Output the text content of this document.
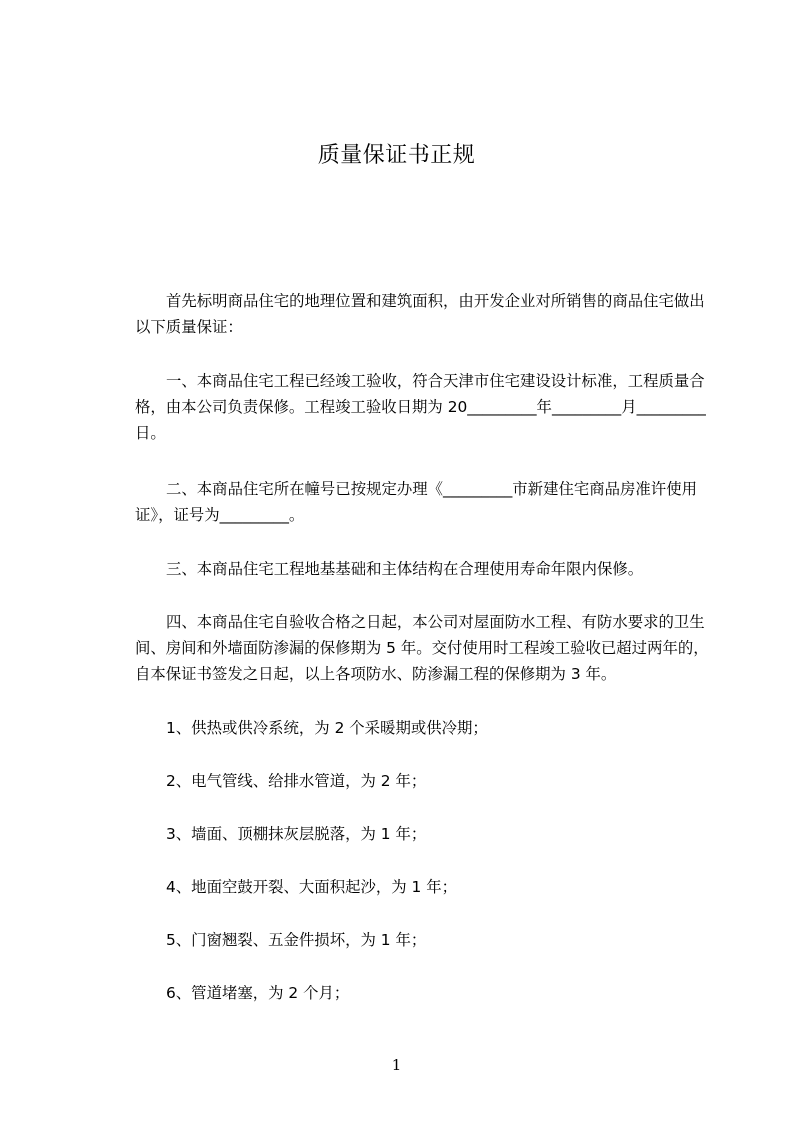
质量保证书正规
首先标明商品住宅的地理位置和建筑面积，由开发企业对所销售的商品住宅做出
以下质量保证：
一、本商品住宅工程已经竣工验收，符合天津市住宅建设设计标准，工程质量合
格，由本公司负责保修。工程竣工验收日期为 20_________年_________月_________
日。
二、本商品住宅所在幢号已按规定办理《_________市新建住宅商品房准许使用
证》，证号为_________。
三、本商品住宅工程地基基础和主体结构在合理使用寿命年限内保修。
四、本商品住宅自验收合格之日起，本公司对屋面防水工程、有防水要求的卫生
间、房间和外墙面防渗漏的保修期为 5 年。交付使用时工程竣工验收已超过两年的，
自本保证书签发之日起，以上各项防水、防渗漏工程的保修期为 3 年。
1、供热或供冷系统，为 2 个采暖期或供冷期；
2、电气管线、给排水管道，为 2 年；
3、墙面、顶棚抹灰层脱落，为 1 年；
4、地面空鼓开裂、大面积起沙，为 1 年；
5、门窗翘裂、五金件损坏，为 1 年；
6、管道堵塞，为 2 个月；
1
